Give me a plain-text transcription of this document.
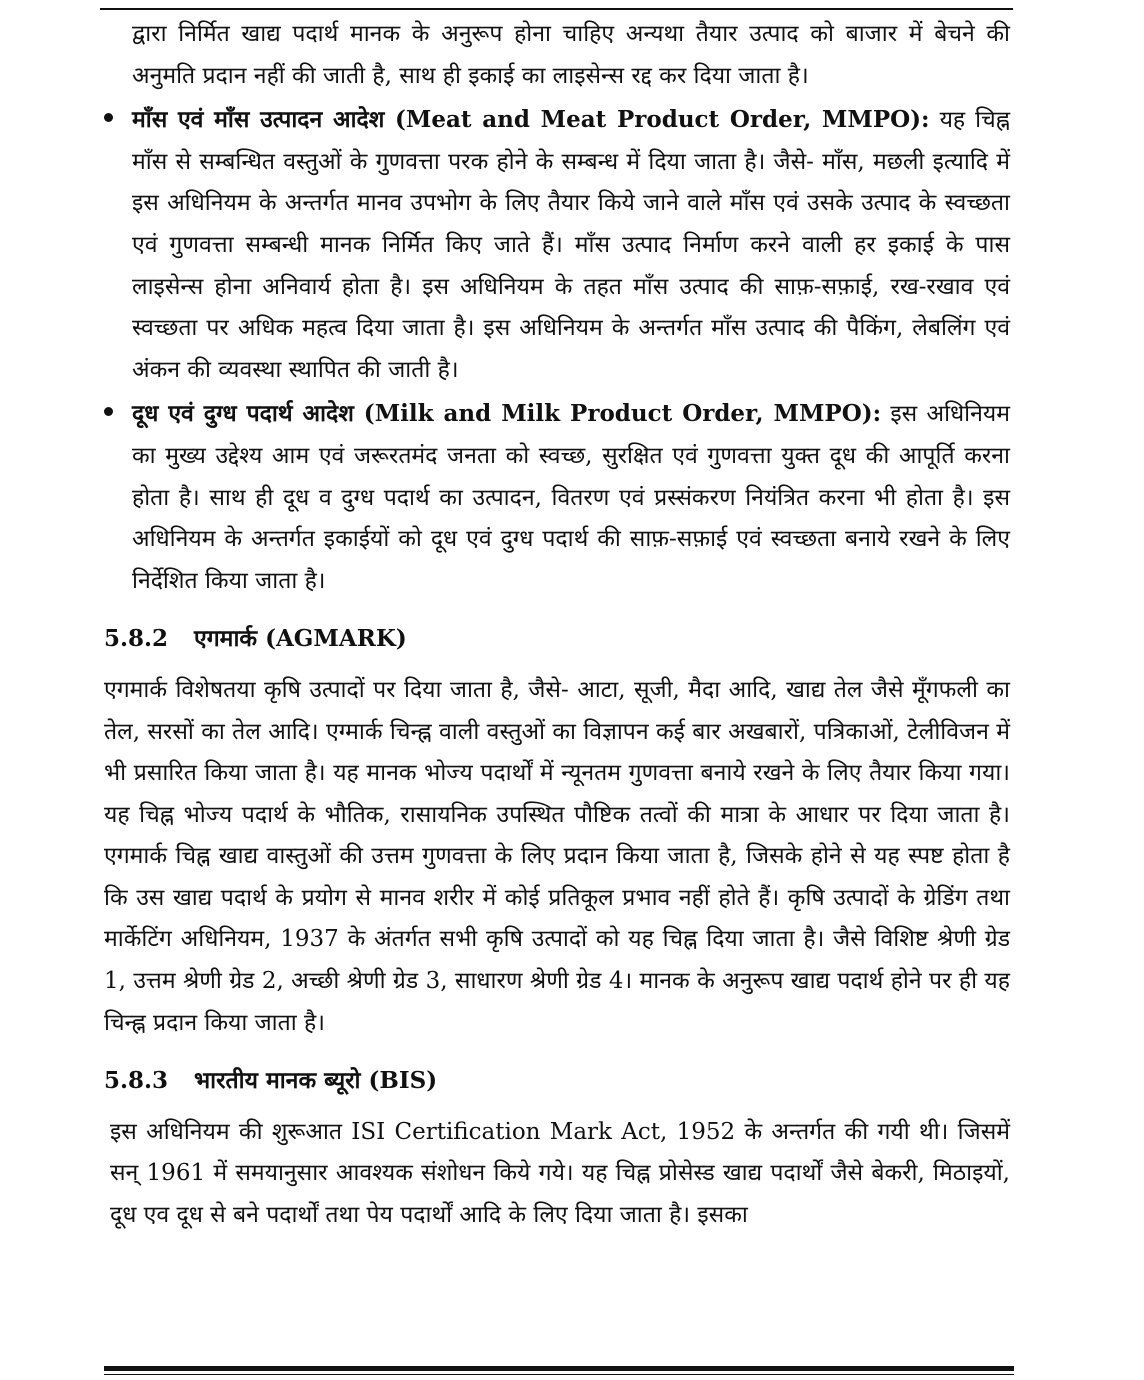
द्वारा निर्मित खाद्य पदार्थ मानक के अनुरूप होना चाहिए अन्यथा तैयार उत्पाद को बाजार में बेचने की अनुमति प्रदान नहीं की जाती है, साथ ही इकाई का लाइसेन्स रद्द कर दिया जाता है।

माँस एवं माँस उत्पादन आदेश (Meat and Meat Product Order, MMPO): यह चिह्न माँस से सम्बन्धित वस्तुओं के गुणवत्ता परक होने के सम्बन्ध में दिया जाता है। जैसे- माँस, मछली इत्यादि में इस अधिनियम के अन्तर्गत मानव उपभोग के लिए तैयार किये जाने वाले माँस एवं उसके उत्पाद के स्वच्छता एवं गुणवत्ता सम्बन्धी मानक निर्मित किए जाते हैं। माँस उत्पाद निर्माण करने वाली हर इकाई के पास लाइसेन्स होना अनिवार्य होता है। इस अधिनियम के तहत माँस उत्पाद की साफ़-सफ़ाई, रख-रखाव एवं स्वच्छता पर अधिक महत्व दिया जाता है। इस अधिनियम के अन्तर्गत माँस उत्पाद की पैकिंग, लेबलिंग एवं अंकन की व्यवस्था स्थापित की जाती है।
दूध एवं दुग्ध पदार्थ आदेश (Milk and Milk Product Order, MMPO): इस अधिनियम का मुख्य उद्देश्य आम एवं जरूरतमंद जनता को स्वच्छ, सुरक्षित एवं गुणवत्ता युक्त दूध की आपूर्ति करना होता है। साथ ही दूध व दुग्ध पदार्थ का उत्पादन, वितरण एवं प्रस्संकरण नियंत्रित करना भी होता है। इस अधिनियम के अन्तर्गत इकाईयों को दूध एवं दुग्ध पदार्थ की साफ़-सफ़ाई एवं स्वच्छता बनाये रखने के लिए निर्देशित किया जाता है।
5.8.2 एगमार्क (AGMARK)

एगमार्क विशेषतया कृषि उत्पादों पर दिया जाता है, जैसे- आटा, सूजी, मैदा आदि, खाद्य तेल जैसे मूँगफली का तेल, सरसों का तेल आदि। एग्मार्क चिन्ह्न वाली वस्तुओं का विज्ञापन कई बार अखबारों, पत्रिकाओं, टेलीविजन में भी प्रसारित किया जाता है। यह मानक भोज्य पदार्थों में न्यूनतम गुणवत्ता बनाये रखने के लिए तैयार किया गया। यह चिह्न भोज्य पदार्थ के भौतिक, रासायनिक उपस्थित पौष्टिक तत्वों की मात्रा के आधार पर दिया जाता है। एगमार्क चिह्न खाद्य वास्तुओं की उत्तम गुणवत्ता के लिए प्रदान किया जाता है, जिसके होने से यह स्पष्ट होता है कि उस खाद्य पदार्थ के प्रयोग से मानव शरीर में कोई प्रतिकूल प्रभाव नहीं होते हैं। कृषि उत्पादों के ग्रेडिंग तथा मार्केटिंग अधिनियम, 1937 के अंतर्गत सभी कृषि उत्पादों को यह चिह्न दिया जाता है। जैसे विशिष्ट श्रेणी ग्रेड 1, उत्तम श्रेणी ग्रेड 2, अच्छी श्रेणी ग्रेड 3, साधारण श्रेणी ग्रेड 4। मानक के अनुरूप खाद्य पदार्थ होने पर ही यह चिन्ह्न प्रदान किया जाता है।

5.8.3 भारतीय मानक ब्यूरो (BIS)

इस अधिनियम की शुरूआत ISI Certification Mark Act, 1952 के अन्तर्गत की गयी थी। जिसमें सन् 1961 में समयानुसार आवश्यक संशोधन किये गये। यह चिह्न प्रोसेस्ड खाद्य पदार्थों जैसे बेकरी, मिठाइयों, दूध एव दूध से बने पदार्थों तथा पेय पदार्थों आदि के लिए दिया जाता है। इसका
